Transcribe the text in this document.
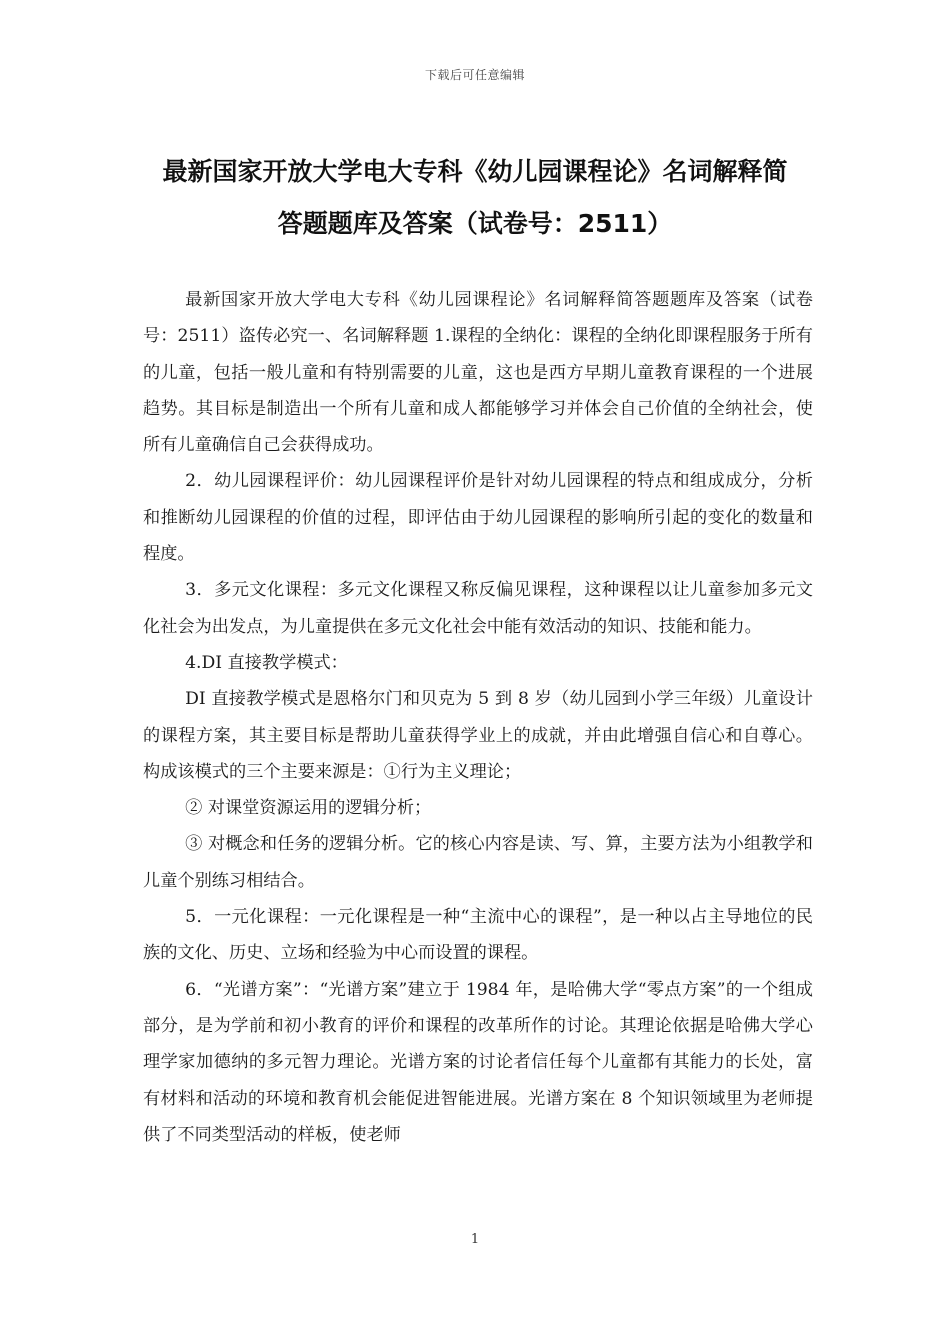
下载后可任意编辑
最新国家开放大学电大专科《幼儿园课程论》名词解释简
答题题库及答案（试卷号：2511）

最新国家开放大学电大专科《幼儿园课程论》名词解释简答题题库及答案（试卷号：2511）盗传必究一、名词解释题 1.课程的全纳化：课程的全纳化即课程服务于所有的儿童，包括一般儿童和有特别需要的儿童，这也是西方早期儿童教育课程的一个进展趋势。其目标是制造出一个所有儿童和成人都能够学习并体会自己价值的全纳社会，使所有儿童确信自己会获得成功。

2．幼儿园课程评价：幼儿园课程评价是针对幼儿园课程的特点和组成成分，分析和推断幼儿园课程的价值的过程，即评估由于幼儿园课程的影响所引起的变化的数量和程度。

3．多元文化课程：多元文化课程又称反偏见课程，这种课程以让儿童参加多元文化社会为出发点，为儿童提供在多元文化社会中能有效活动的知识、技能和能力。

4.DI 直接教学模式：

DI 直接教学模式是恩格尔门和贝克为 5 到 8 岁（幼儿园到小学三年级）儿童设计的课程方案，其主要目标是帮助儿童获得学业上的成就，并由此增强自信心和自尊心。构成该模式的三个主要来源是：①行为主义理论；

② 对课堂资源运用的逻辑分析；

③ 对概念和任务的逻辑分析。它的核心内容是读、写、算，主要方法为小组教学和儿童个别练习相结合。

5．一元化课程：一元化课程是一种“主流中心的课程”，是一种以占主导地位的民族的文化、历史、立场和经验为中心而设置的课程。

6．“光谱方案”：“光谱方案”建立于 1984 年，是哈佛大学“零点方案”的一个组成部分，是为学前和初小教育的评价和课程的改革所作的讨论。其理论依据是哈佛大学心理学家加德纳的多元智力理论。光谱方案的讨论者信任每个儿童都有其能力的长处，富有材料和活动的环境和教育机会能促进智能进展。光谱方案在 8 个知识领域里为老师提供了不同类型活动的样板，使老师

1
